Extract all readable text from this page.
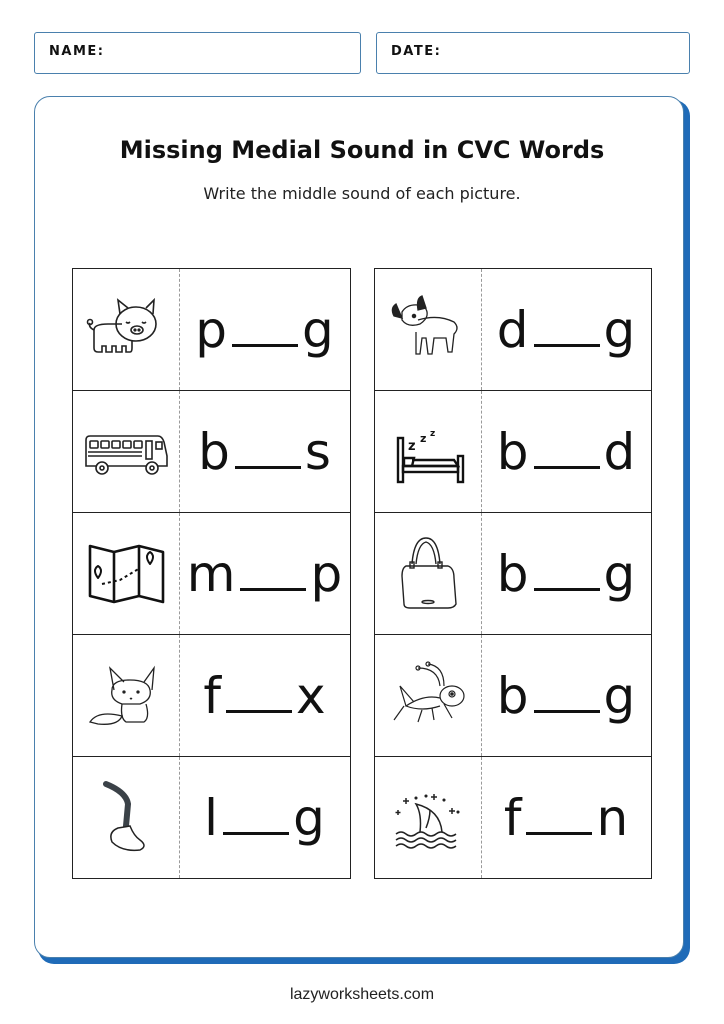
NAME:	DATE:
Missing Medial Sound in CVC Words
Write the middle sound of each picture.
p g
b s
m p
f x
l g
d g
z
z z b d
b g
b g
f n
lazyworksheets.com
